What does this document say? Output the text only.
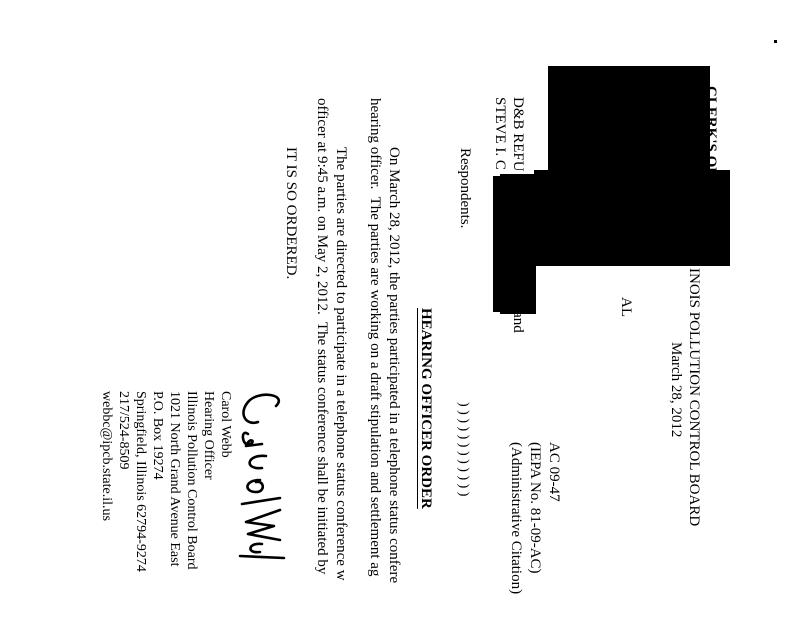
CLERK'S OF
INOIS POLLUTION CONTROL BOARD
March 28, 2012
AL
D&B REFU
NC., and
STEVE I. C
Respondents.
) ) ) ) ) ) ) ) ) ) ) )	AC 09-47
(IEPA No. 81-09-AC)
(Administrative Citation)
HEARING OFFICER ORDER
On March 28, 2012, the parties participated in a telephone status confere
hearing officer.  The parties are working on a draft stipulation and settlement ag
The parties are directed to participate in a telephone status conference w
officer at 9:45 a.m. on May 2, 2012.  The status conference shall be initiated by
IT IS SO ORDERED.
Carol Webb
Hearing Officer
Illinois Pollution Control Board
1021 North Grand Avenue East
P.O. Box 19274
Springfield, Illinois 62794-9274
217/524-8509
webbc@ipcb.state.il.us
